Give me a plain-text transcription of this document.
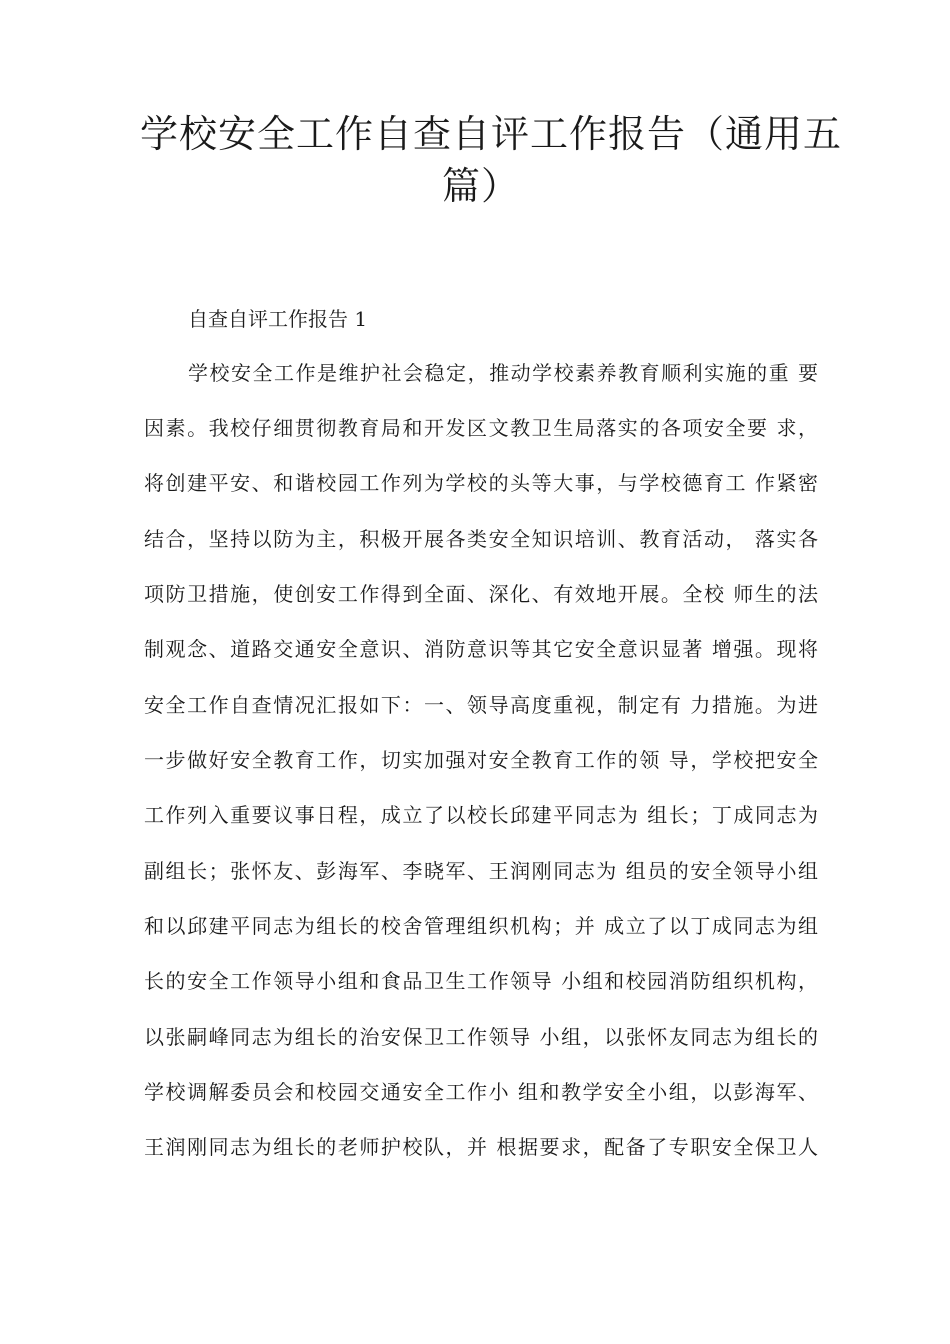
学校安全工作自查自评工作报告（通用五
篇）

自查自评工作报告 1

学校安全工作是维护社会稳定，推动学校素养教育顺利实施的重 要
因素。我校仔细贯彻教育局和开发区文教卫生局落实的各项安全要 求，
将创建平安、和谐校园工作列为学校的头等大事，与学校德育工 作紧密
结合，坚持以防为主，积极开展各类安全知识培训、教育活动， 落实各
项防卫措施，使创安工作得到全面、深化、有效地开展。全校 师生的法
制观念、道路交通安全意识、消防意识等其它安全意识显著 增强。现将
安全工作自查情况汇报如下：一、领导高度重视，制定有 力措施。为进
一步做好安全教育工作，切实加强对安全教育工作的领 导，学校把安全
工作列入重要议事日程，成立了以校长邱建平同志为 组长；丁成同志为
副组长；张怀友、彭海军、李晓军、王润刚同志为 组员的安全领导小组
和以邱建平同志为组长的校舍管理组织机构；并 成立了以丁成同志为组
长的安全工作领导小组和食品卫生工作领导 小组和校园消防组织机构，
以张嗣峰同志为组长的治安保卫工作领导 小组，以张怀友同志为组长的
学校调解委员会和校园交通安全工作小 组和教学安全小组，以彭海军、
王润刚同志为组长的老师护校队，并 根据要求，配备了专职安全保卫人
